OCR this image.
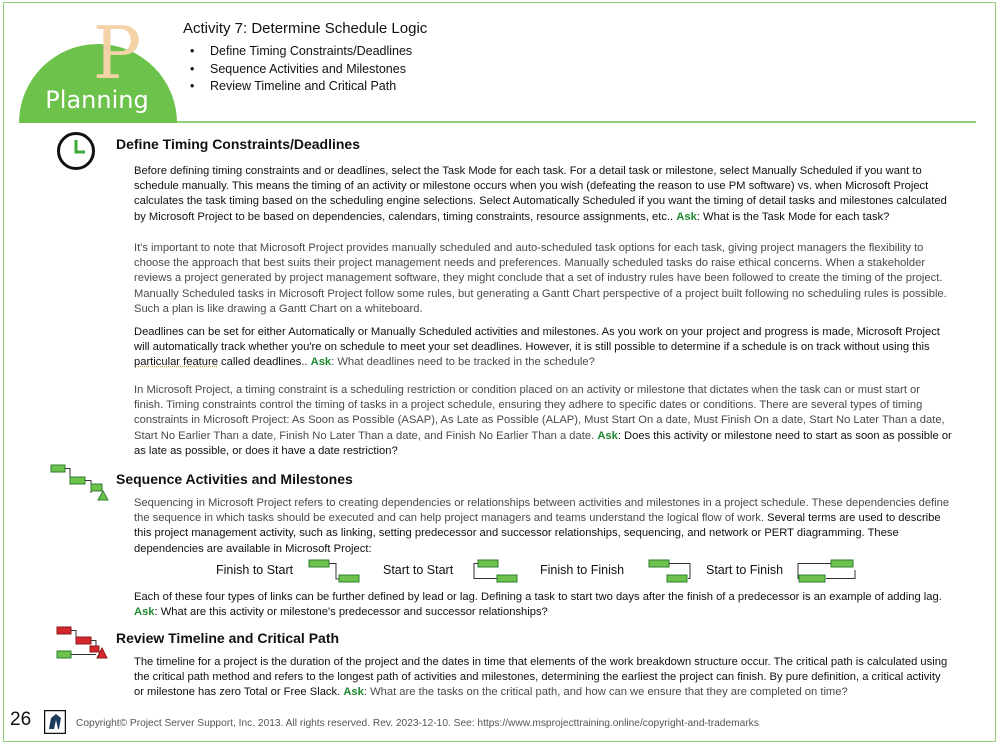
P
Planning
Activity 7: Determine Schedule Logic
• Define Timing Constraints/Deadlines
• Sequence Activities and Milestones
• Review Timeline and Critical Path
Define Timing Constraints/Deadlines

Before defining timing constraints and or deadlines, select the Task Mode for each task. For a detail task or milestone, select Manually Scheduled if you want to schedule manually. This means the timing of an activity or milestone occurs when you wish (defeating the reason to use PM software) vs. when Microsoft Project calculates the task timing based on the scheduling engine selections. Select Automatically Scheduled if you want the timing of detail tasks and milestones calculated by Microsoft Project to be based on dependencies, calendars, timing constraints, resource assignments, etc.. Ask: What is the Task Mode for each task?

It's important to note that Microsoft Project provides manually scheduled and auto-scheduled task options for each task, giving project managers the flexibility to choose the approach that best suits their project management needs and preferences. Manually scheduled tasks do raise ethical concerns. When a stakeholder reviews a project generated by project management software, they might conclude that a set of industry rules have been followed to create the timing of the project. Manually Scheduled tasks in Microsoft Project follow some rules, but generating a Gantt Chart perspective of a project built following no scheduling rules is possible. Such a plan is like drawing a Gantt Chart on a whiteboard.

Deadlines can be set for either Automatically or Manually Scheduled activities and milestones. As you work on your project and progress is made, Microsoft Project will automatically track whether you're on schedule to meet your set deadlines. However, it is still possible to determine if a schedule is on track without using this particular feature called deadlines.. Ask: What deadlines need to be tracked in the schedule?

In Microsoft Project, a timing constraint is a scheduling restriction or condition placed on an activity or milestone that dictates when the task can or must start or finish. Timing constraints control the timing of tasks in a project schedule, ensuring they adhere to specific dates or conditions. There are several types of timing constraints in Microsoft Project: As Soon as Possible (ASAP), As Late as Possible (ALAP), Must Start On a date, Must Finish On a date, Start No Later Than a date, Start No Earlier Than a date, Finish No Later Than a date, and Finish No Earlier Than a date. Ask: Does this activity or milestone need to start as soon as possible or as late as possible, or does it have a date restriction?

Sequence Activities and Milestones

Sequencing in Microsoft Project refers to creating dependencies or relationships between activities and milestones in a project schedule. These dependencies define the sequence in which tasks should be executed and can help project managers and teams understand the logical flow of work. Several terms are used to describe this project management activity, such as linking, setting predecessor and successor relationships, sequencing, and network or PERT diagramming. These dependencies are available in Microsoft Project:

Finish to Start	Start to Start	Finish to Finish	Start to Finish

Each of these four types of links can be further defined by lead or lag. Defining a task to start two days after the finish of a predecessor is an example of adding lag. Ask: What are this activity or milestone's predecessor and successor relationships?

Review Timeline and Critical Path

The timeline for a project is the duration of the project and the dates in time that elements of the work breakdown structure occur. The critical path is calculated using the critical path method and refers to the longest path of activities and milestones, determining the earliest the project can finish. By pure definition, a critical activity or milestone has zero Total or Free Slack. Ask: What are the tasks on the critical path, and how can we ensure that they are completed on time?

26	Copyright© Project Server Support, Inc. 2013. All rights reserved. Rev. 2023-12-10. See: https://www.msprojecttraining.online/copyright-and-trademarks
